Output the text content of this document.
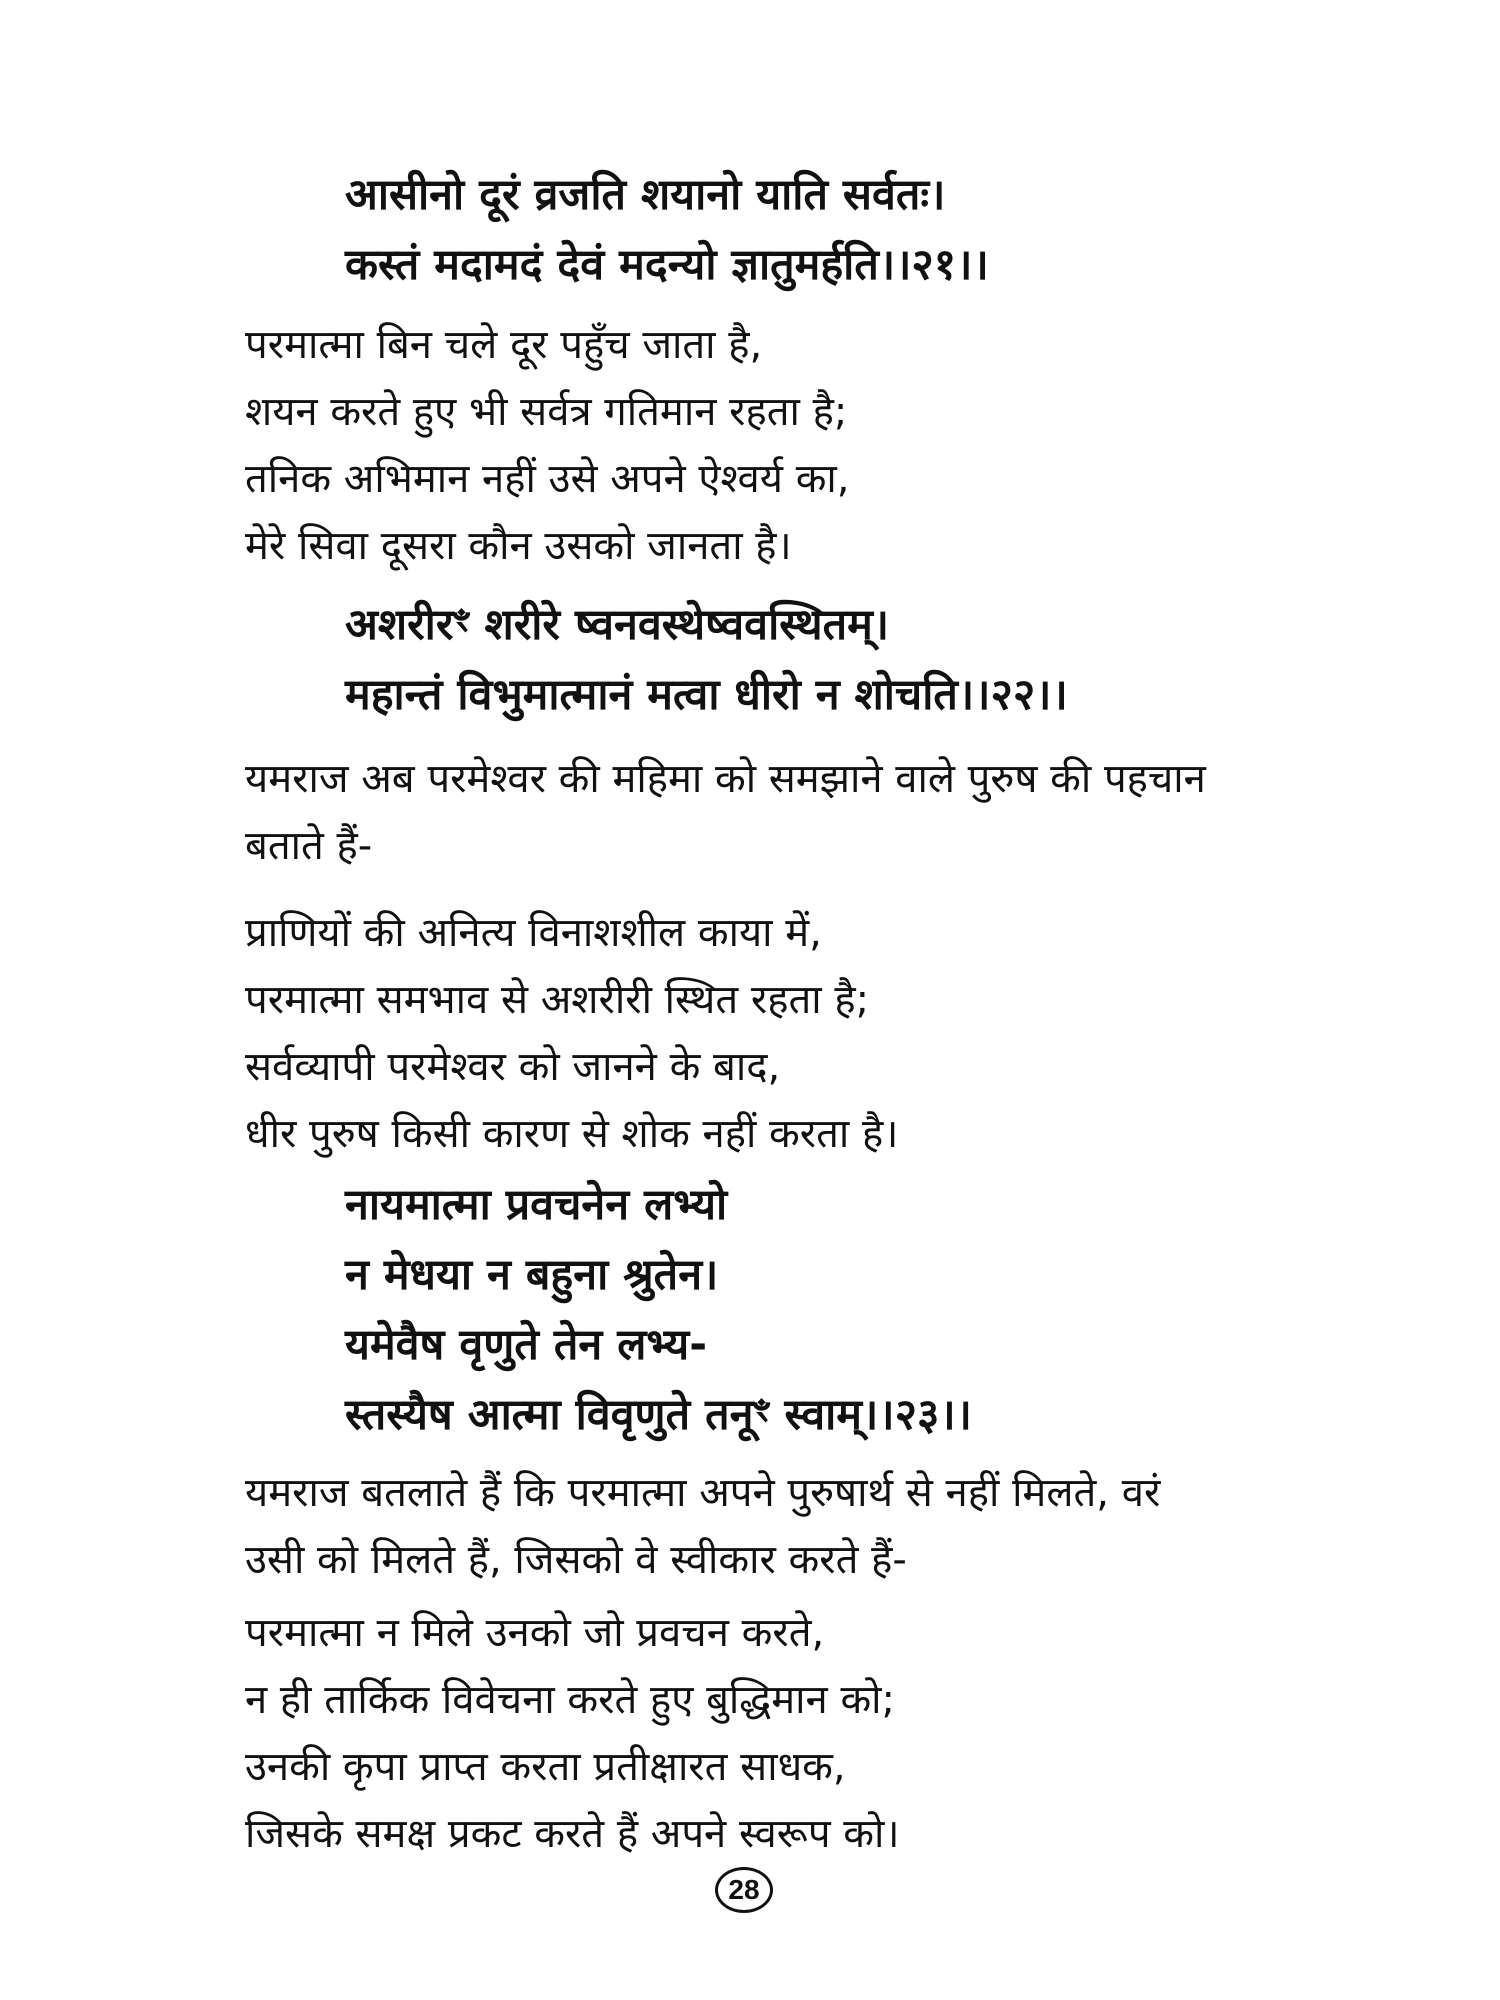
आसीनो दूरं व्रजति शयानो याति सर्वतः।
कस्तं मदामदं देवं मदन्यो ज्ञातुमर्हति।।२१।।
परमात्मा बिन चले दूर पहुँच जाता है,
शयन करते हुए भी सर्वत्र गतिमान रहता है;
तनिक अभिमान नहीं उसे अपने ऐश्वर्य का,
मेरे सिवा दूसरा कौन उसको जानता है।
अशरीरꣳ शरीरे ष्वनवस्थेष्ववस्थितम्।
महान्तं विभुमात्मानं मत्वा धीरो न शोचति।।२२।।
यमराज अब परमेश्वर की महिमा को समझाने वाले पुरुष की पहचान
बताते हैं-
प्राणियों की अनित्य विनाशशील काया में,
परमात्मा समभाव से अशरीरी स्थित रहता है;
सर्वव्यापी परमेश्वर को जानने के बाद,
धीर पुरुष किसी कारण से शोक नहीं करता है।
नायमात्मा प्रवचनेन लभ्यो
न मेधया न बहुना श्रुतेन।
यमेवैष वृणुते तेन लभ्य-
स्तस्यैष आत्मा विवृणुते तनूꣳ स्वाम्।।२३।।
यमराज बतलाते हैं कि परमात्मा अपने पुरुषार्थ से नहीं मिलते, वरं
उसी को मिलते हैं, जिसको वे स्वीकार करते हैं-
परमात्मा न मिले उनको जो प्रवचन करते,
न ही तार्किक विवेचना करते हुए बुद्धिमान को;
उनकी कृपा प्राप्त करता प्रतीक्षारत साधक,
जिसके समक्ष प्रकट करते हैं अपने स्वरूप को।
28
